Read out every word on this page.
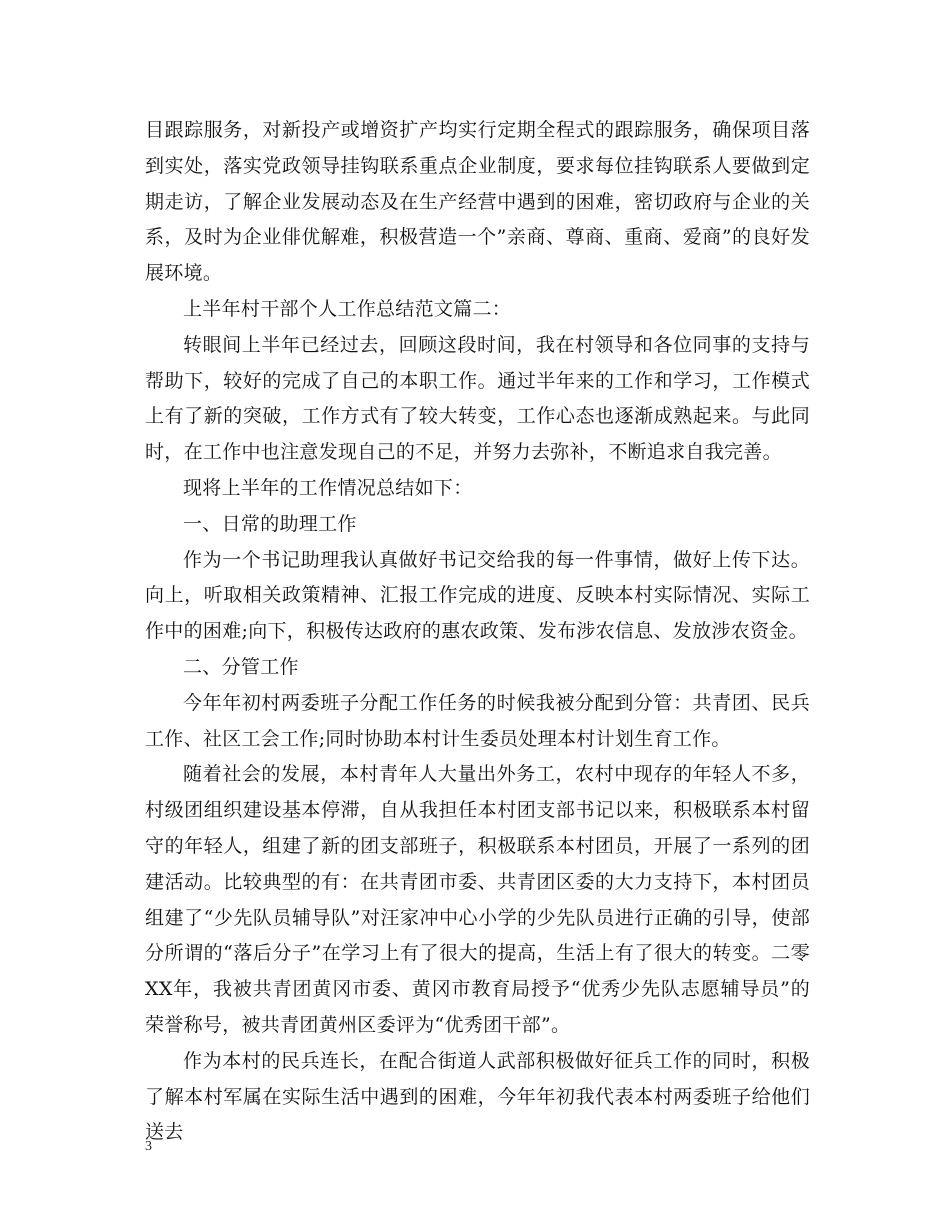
目跟踪服务，对新投产或增资扩产均实行定期全程式的跟踪服务，确保项目落到实处，落实党政领导挂钩联系重点企业制度，要求每位挂钩联系人要做到定期走访，了解企业发展动态及在生产经营中遇到的困难，密切政府与企业的关系，及时为企业俳优解难，积极营造一个”亲商、尊商、重商、爱商”的良好发展环境。

上半年村干部个人工作总结范文篇二：

转眼间上半年已经过去，回顾这段时间，我在村领导和各位同事的支持与帮助下，较好的完成了自己的本职工作。通过半年来的工作和学习，工作模式上有了新的突破，工作方式有了较大转变，工作心态也逐渐成熟起来。与此同时，在工作中也注意发现自己的不足，并努力去弥补，不断追求自我完善。

现将上半年的工作情况总结如下：

一、日常的助理工作

作为一个书记助理我认真做好书记交给我的每一件事情，做好上传下达。向上，听取相关政策精神、汇报工作完成的进度、反映本村实际情况、实际工作中的困难;向下，积极传达政府的惠农政策、发布涉农信息、发放涉农资金。

二、分管工作

今年年初村两委班子分配工作任务的时候我被分配到分管：共青团、民兵工作、社区工会工作;同时协助本村计生委员处理本村计划生育工作。

随着社会的发展，本村青年人大量出外务工，农村中现存的年轻人不多，村级团组织建设基本停滞，自从我担任本村团支部书记以来，积极联系本村留守的年轻人，组建了新的团支部班子，积极联系本村团员，开展了一系列的团建活动。比较典型的有：在共青团市委、共青团区委的大力支持下，本村团员组建了“少先队员辅导队”对汪家冲中心小学的少先队员进行正确的引导，使部分所谓的“落后分子”在学习上有了很大的提高，生活上有了很大的转变。二零XX年，我被共青团黄冈市委、黄冈市教育局授予“优秀少先队志愿辅导员”的荣誉称号，被共青团黄州区委评为“优秀团干部”。

作为本村的民兵连长，在配合街道人武部积极做好征兵工作的同时，积极了解本村军属在实际生活中遇到的困难，今年年初我代表本村两委班子给他们送去

3
